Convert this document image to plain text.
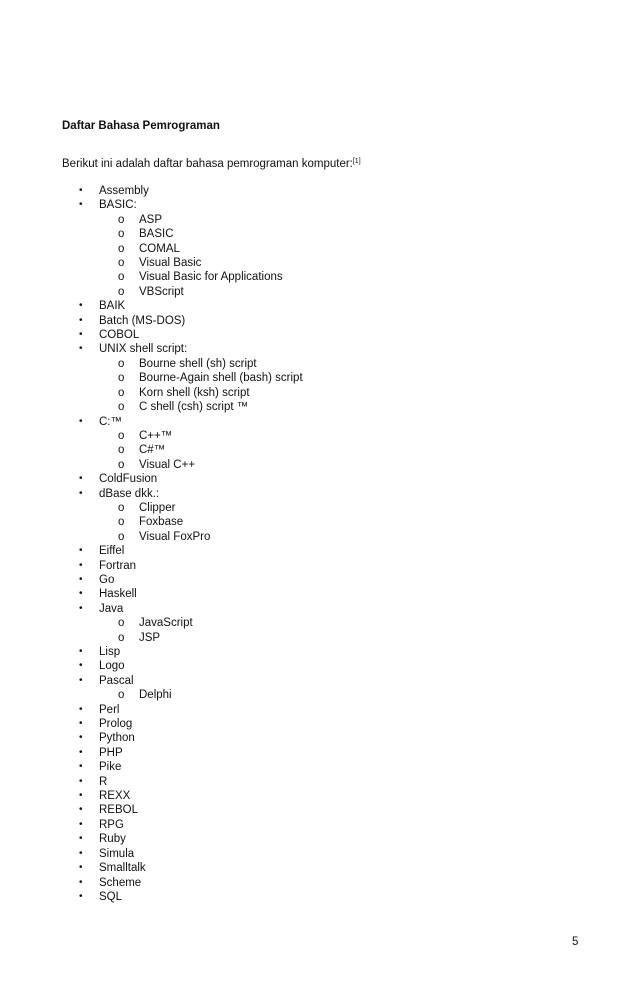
Daftar Bahasa Pemrograman
Berikut ini adalah daftar bahasa pemrograman komputer:[1]
• Assembly
• BASIC:
o ASP
o BASIC
o COMAL
o Visual Basic
o Visual Basic for Applications
o VBScript
• BAIK
• Batch (MS-DOS)
• COBOL
• UNIX shell script:
o Bourne shell (sh) script
o Bourne-Again shell (bash) script
o Korn shell (ksh) script
o C shell (csh) script ™
• C:™
o C++™
o C#™
o Visual C++
• ColdFusion
• dBase dkk.:
o Clipper
o Foxbase
o Visual FoxPro
• Eiffel
• Fortran
• Go
• Haskell
• Java
o JavaScript
o JSP
• Lisp
• Logo
• Pascal
o Delphi
• Perl
• Prolog
• Python
• PHP
• Pike
• R
• REXX
• REBOL
• RPG
• Ruby
• Simula
• Smalltalk
• Scheme
• SQL
5
